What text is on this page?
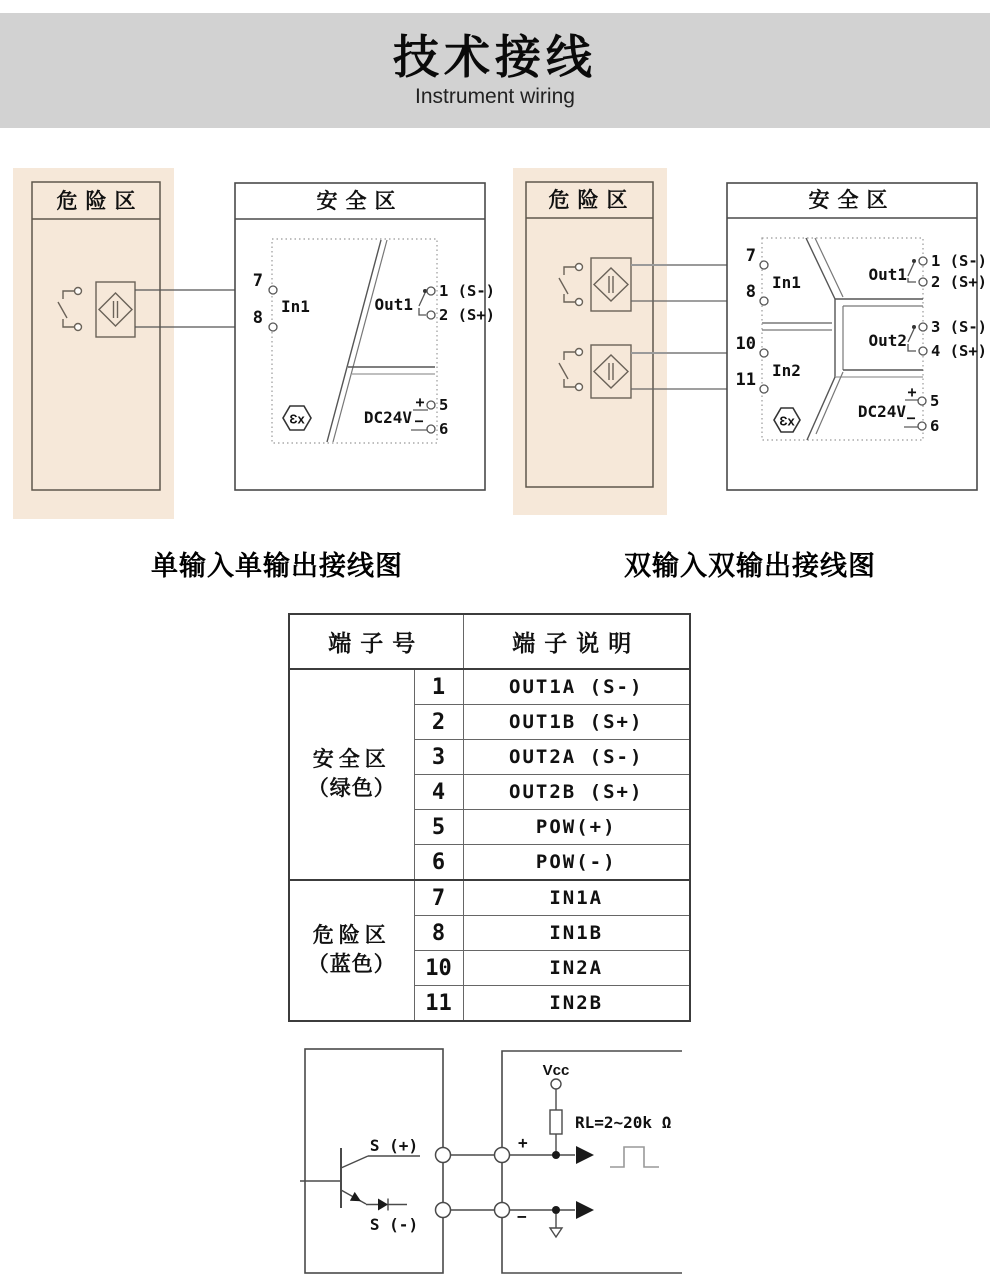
技术接线
Instrument wiring
危险区	安全区
7
8
In1	Out1
1 (S-)
2 (S+)
DC24V
+ 5
− 6
Ɛx
危险区	安全区
7
8
10
11
In1
In2
Out1
1 (S-)
2 (S+)
Out2
3 (S-)
4 (S+)
DC24V
+ 5
− 6
Ɛx
单输入单输出接线图	双输入双输出接线图
端子号		端子说明

安全区
（绿色）	1	OUT1A (S-)
	2	OUT1B (S+)
	3	OUT2A (S-)
	4	OUT2B (S+)
	5	POW(+)
	6	POW(-)

危险区
（蓝色）	7	IN1A
	8	IN1B
	10	IN2A
	11	IN2B
S (+)
S (-)
+
−
Vcc
RL=2~20k Ω
